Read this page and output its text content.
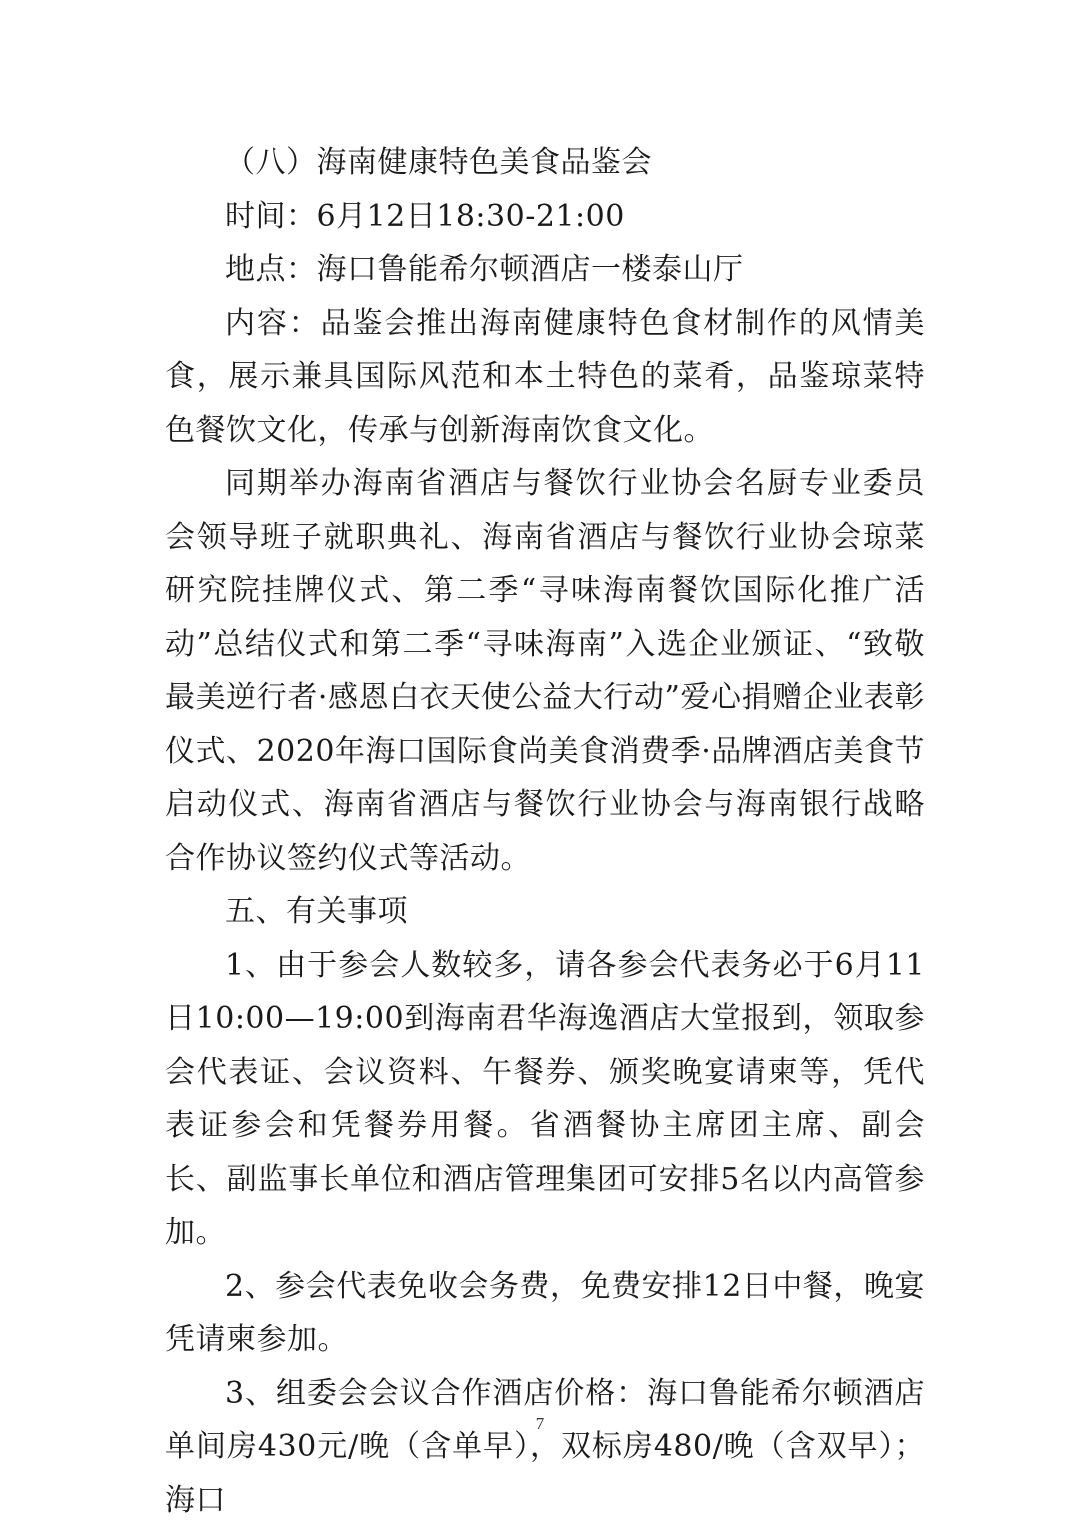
（八）海南健康特色美食品鉴会

时间：6月12日18:30-21:00

地点：海口鲁能希尔顿酒店一楼泰山厅

内容：品鉴会推出海南健康特色食材制作的风情美食，展示兼具国际风范和本土特色的菜肴，品鉴琼菜特色餐饮文化，传承与创新海南饮食文化。

同期举办海南省酒店与餐饮行业协会名厨专业委员会领导班子就职典礼、海南省酒店与餐饮行业协会琼菜研究院挂牌仪式、第二季“寻味海南餐饮国际化推广活动”总结仪式和第二季“寻味海南”入选企业颁证、“致敬最美逆行者·感恩白衣天使公益大行动”爱心捐赠企业表彰仪式、2020年海口国际食尚美食消费季·品牌酒店美食节启动仪式、海南省酒店与餐饮行业协会与海南银行战略合作协议签约仪式等活动。

五、有关事项

1、由于参会人数较多，请各参会代表务必于6月11日10:00—19:00到海南君华海逸酒店大堂报到，领取参会代表证、会议资料、午餐券、颁奖晚宴请柬等，凭代表证参会和凭餐券用餐。省酒餐协主席团主席、副会长、副监事长单位和酒店管理集团可安排5名以内高管参加。

2、参会代表免收会务费，免费安排12日中餐，晚宴凭请柬参加。

3、组委会会议合作酒店价格：海口鲁能希尔顿酒店单间房430元/晚（含单早），双标房480/晚（含双早）；海口

7
